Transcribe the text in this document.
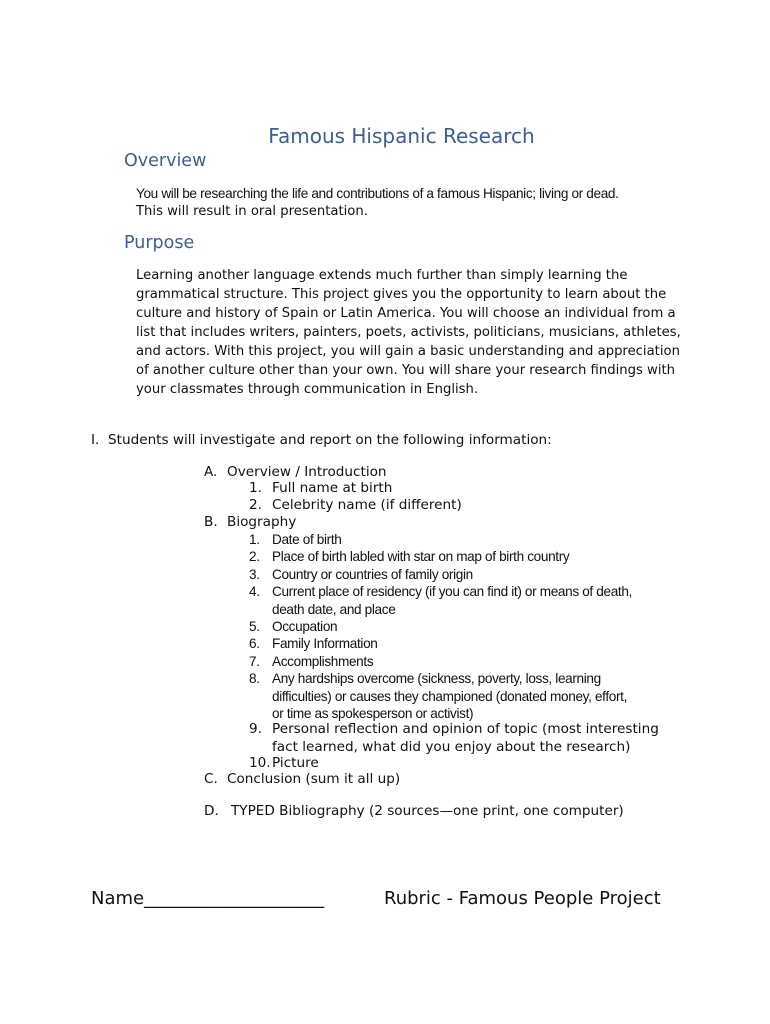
Famous Hispanic Research
Overview
You will be researching the life and contributions of a famous Hispanic; living or dead.
This will result in oral presentation.
Purpose
Learning another language extends much further than simply learning the grammatical structure. This project gives you the opportunity to learn about the culture and history of Spain or Latin America. You will choose an individual from a list that includes writers, painters, poets, activists, politicians, musicians, athletes, and actors. With this project, you will gain a basic understanding and appreciation of another culture other than your own. You will share your research findings with your classmates through communication in English.
I. Students will investigate and report on the following information:
A. Overview / Introduction
1. Full name at birth
2. Celebrity name (if different)
B. Biography
1. Date of birth
2. Place of birth labled with star on map of birth country
3. Country or countries of family origin
4. Current place of residency (if you can find it) or means of death,
death date, and place
5. Occupation
6. Family Information
7. Accomplishments
8. Any hardships overcome (sickness, poverty, loss, learning
difficulties) or causes they championed (donated money, effort,
or time as spokesperson or activist)
9. Personal reflection and opinion of topic (most interesting
fact learned, what did you enjoy about the research)
10.Picture
C. Conclusion (sum it all up)
D. TYPED Bibliography (2 sources—one print, one computer)
Name____________________	Rubric - Famous People Project
